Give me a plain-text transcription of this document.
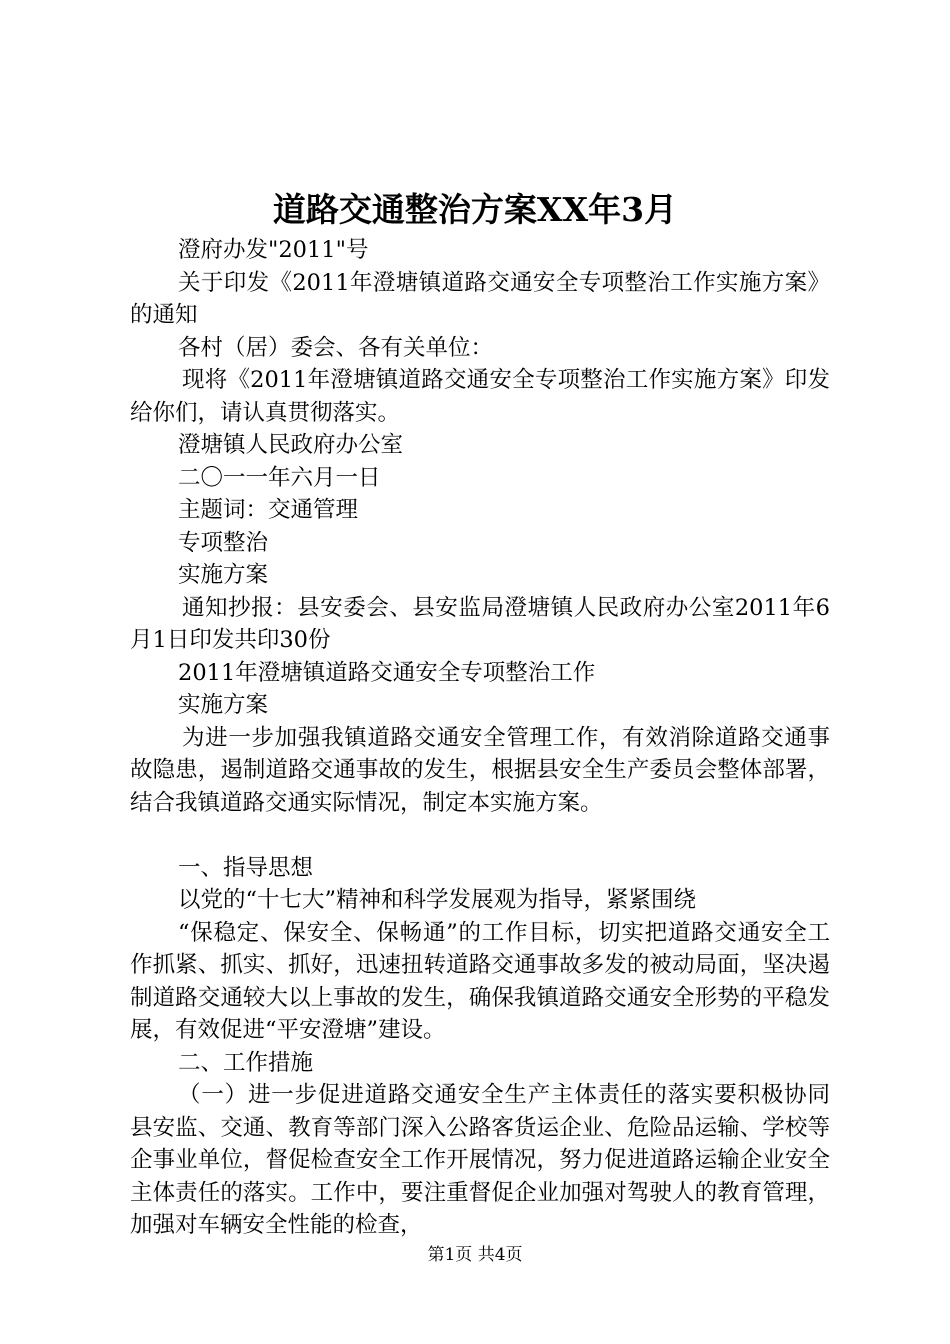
道路交通整治方案XX年3月

澄府办发"2011"号

关于印发《2011年澄塘镇道路交通安全专项整治工作实施方案》的通知

各村（居）委会、各有关单位：

现将《2011年澄塘镇道路交通安全专项整治工作实施方案》印发给你们，请认真贯彻落实。

澄塘镇人民政府办公室

二〇一一年六月一日

主题词：交通管理

专项整治

实施方案

通知抄报：县安委会、县安监局澄塘镇人民政府办公室2011年6月1日印发共印30份

2011年澄塘镇道路交通安全专项整治工作

实施方案

为进一步加强我镇道路交通安全管理工作，有效消除道路交通事故隐患，遏制道路交通事故的发生，根据县安全生产委员会整体部署，结合我镇道路交通实际情况，制定本实施方案。

一、指导思想

以党的“十七大”精神和科学发展观为指导，紧紧围绕

“保稳定、保安全、保畅通”的工作目标，切实把道路交通安全工作抓紧、抓实、抓好，迅速扭转道路交通事故多发的被动局面，坚决遏制道路交通较大以上事故的发生，确保我镇道路交通安全形势的平稳发展，有效促进“平安澄塘”建设。

二、工作措施

（一）进一步促进道路交通安全生产主体责任的落实要积极协同县安监、交通、教育等部门深入公路客货运企业、危险品运输、学校等企事业单位，督促检查安全工作开展情况，努力促进道路运输企业安全主体责任的落实。工作中，要注重督促企业加强对驾驶人的教育管理，加强对车辆安全性能的检查，

第1页 共4页
